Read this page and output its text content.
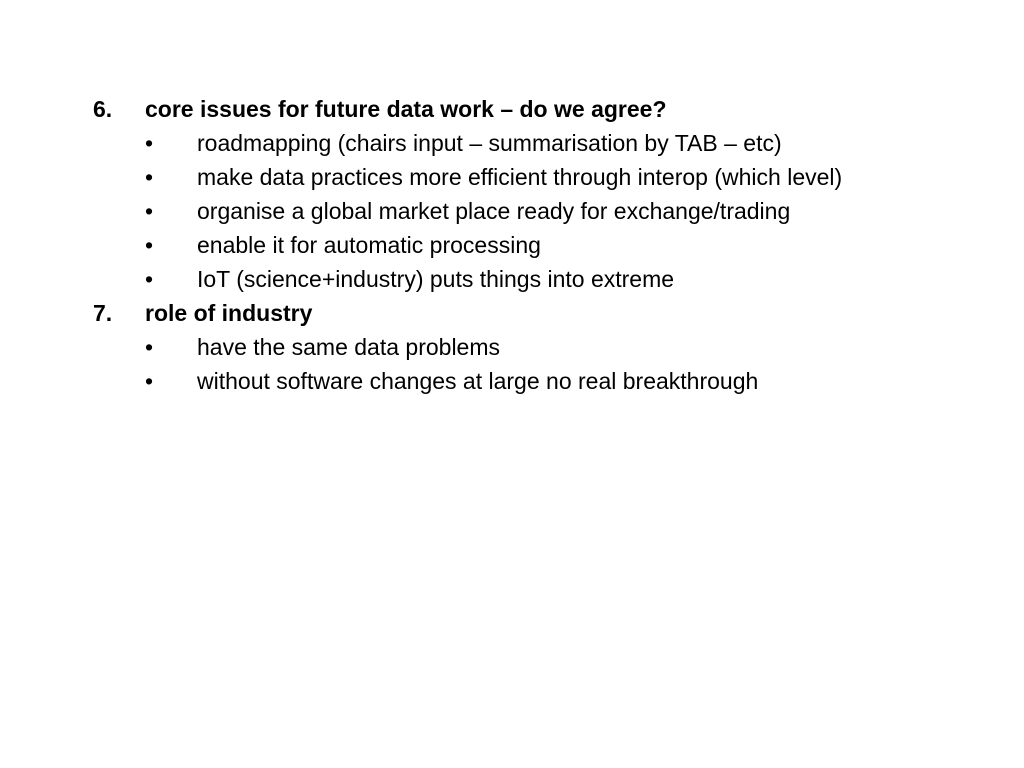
6.	core issues for future data work – do we agree?
•	roadmapping (chairs input – summarisation by TAB – etc)
•	make data practices more efficient through interop (which level)
•	organise a global market place ready for exchange/trading
•	enable it for automatic processing
•	IoT (science+industry) puts things into extreme
7.	role of industry
•	have the same data problems
•	without software changes at large no real breakthrough
